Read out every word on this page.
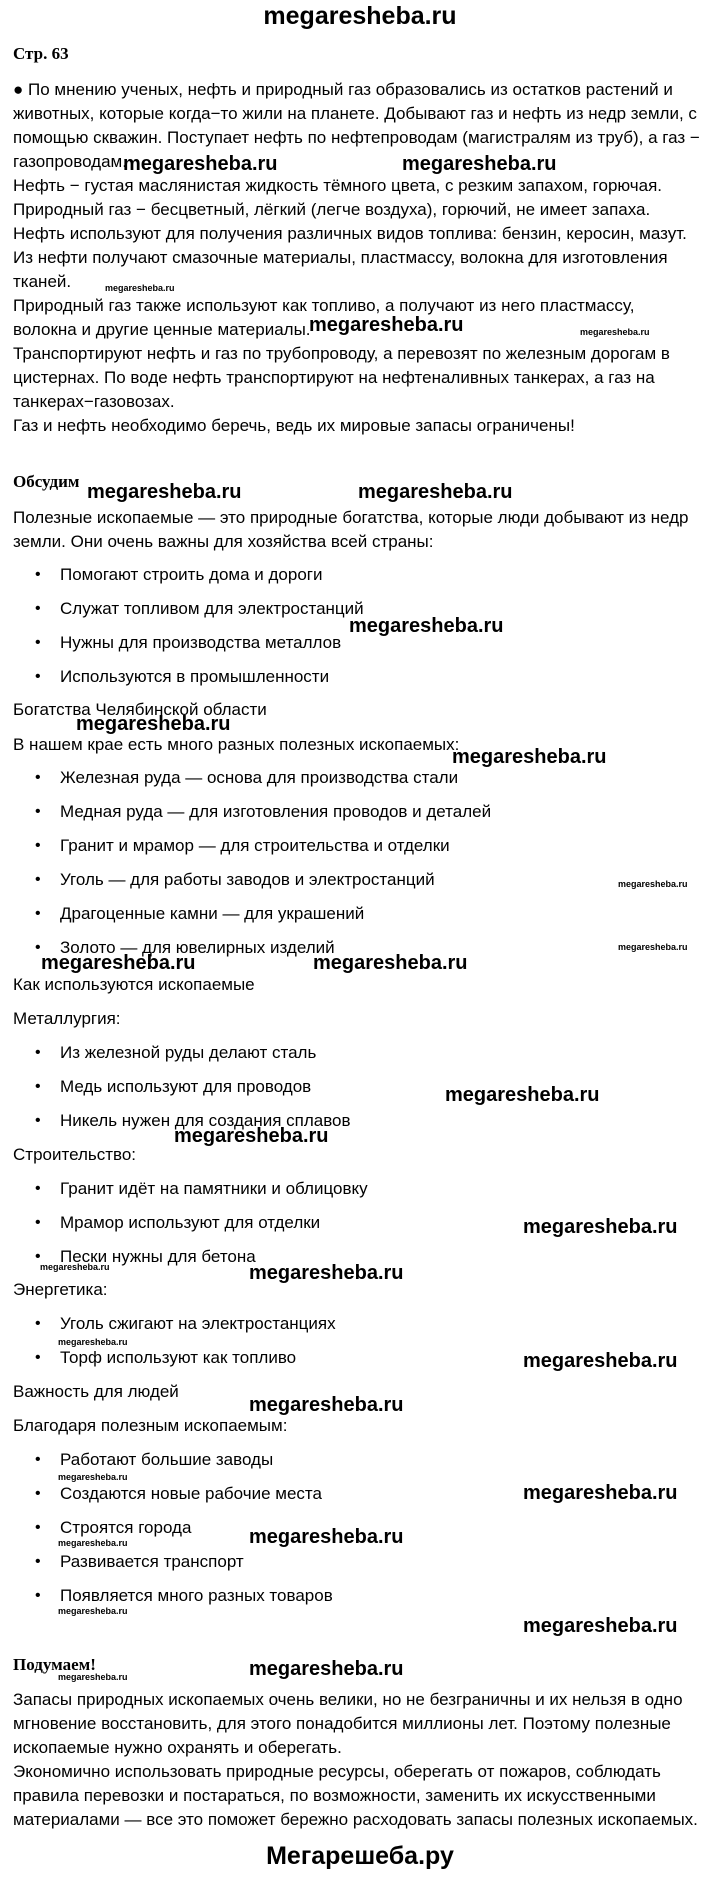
megaresheba.ru
Стр. 63

● По мнению ученых, нефть и природный газ образовались из остатков растений и

животных, которые когда−то жили на планете. Добывают газ и нефть из недр земли, с

помощью скважин. Поступает нефть по нефтепроводам (магистралям из труб), а газ −

газопроводам.

Нефть − густая маслянистая жидкость тёмного цвета, с резким запахом, горючая.

Природный газ − бесцветный, лёгкий (легче воздуха), горючий, не имеет запаха.

Нефть используют для получения различных видов топлива: бензин, керосин, мазут.

Из нефти получают смазочные материалы, пластмассу, волокна для изготовления

тканей.

Природный газ также используют как топливо, а получают из него пластмассу,

волокна и другие ценные материалы.

Транспортируют нефть и газ по трубопроводу, а перевозят по железным дорогам в

цистернах. По воде нефть транспортируют на нефтеналивных танкерах, а газ на

танкерах−газовозах.

Газ и нефть необходимо беречь, ведь их мировые запасы ограничены!

Обсудим
Полезные ископаемые — это природные богатства, которые люди добывают из недр
земли. Они очень важны для хозяйства всей страны:
• Помогают строить дома и дороги
• Служат топливом для электростанций
• Нужны для производства металлов
• Используются в промышленности
Богатства Челябинской области
В нашем крае есть много разных полезных ископаемых:
• Железная руда — основа для производства стали
• Медная руда — для изготовления проводов и деталей
• Гранит и мрамор — для строительства и отделки
• Уголь — для работы заводов и электростанций
• Драгоценные камни — для украшений
• Золото — для ювелирных изделий
Как используются ископаемые
Металлургия:
• Из железной руды делают сталь
• Медь используют для проводов
• Никель нужен для создания сплавов
Строительство:
• Гранит идёт на памятники и облицовку
• Мрамор используют для отделки
• Пески нужны для бетона
Энергетика:
• Уголь сжигают на электростанциях
• Торф используют как топливо
Важность для людей
Благодаря полезным ископаемым:
• Работают большие заводы
• Создаются новые рабочие места
• Строятся города
• Развивается транспорт
• Появляется много разных товаров
Подумаем!
Запасы природных ископаемых очень велики, но не безграничны и их нельзя в одно
мгновение восстановить, для этого понадобится миллионы лет. Поэтому полезные
ископаемые нужно охранять и оберегать.
Экономично использовать природные ресурсы, оберегать от пожаров, соблюдать
правила перевозки и постараться, по возможности, заменить их искусственными
материалами — все это поможет бережно расходовать запасы полезных ископаемых.
megaresheba.ru	megaresheba.ru
megaresheba.ru
megaresheba.ru	megaresheba.ru
megaresheba.ru
megaresheba.ru
megaresheba.ru
megaresheba.ru	megaresheba.ru
megaresheba.ru
megaresheba.ru
megaresheba.ru
megaresheba.ru
megaresheba.ru
megaresheba.ru
megaresheba.ru
megaresheba.ru
megaresheba.ru
megaresheba.ru
megaresheba.ru
megaresheba.ru
megaresheba.ru
megaresheba.ru
megaresheba.ru
megaresheba.ru
megaresheba.ru
megaresheba.ru
megaresheba.ru
megaresheba.ru
Мегарешеба.ру
